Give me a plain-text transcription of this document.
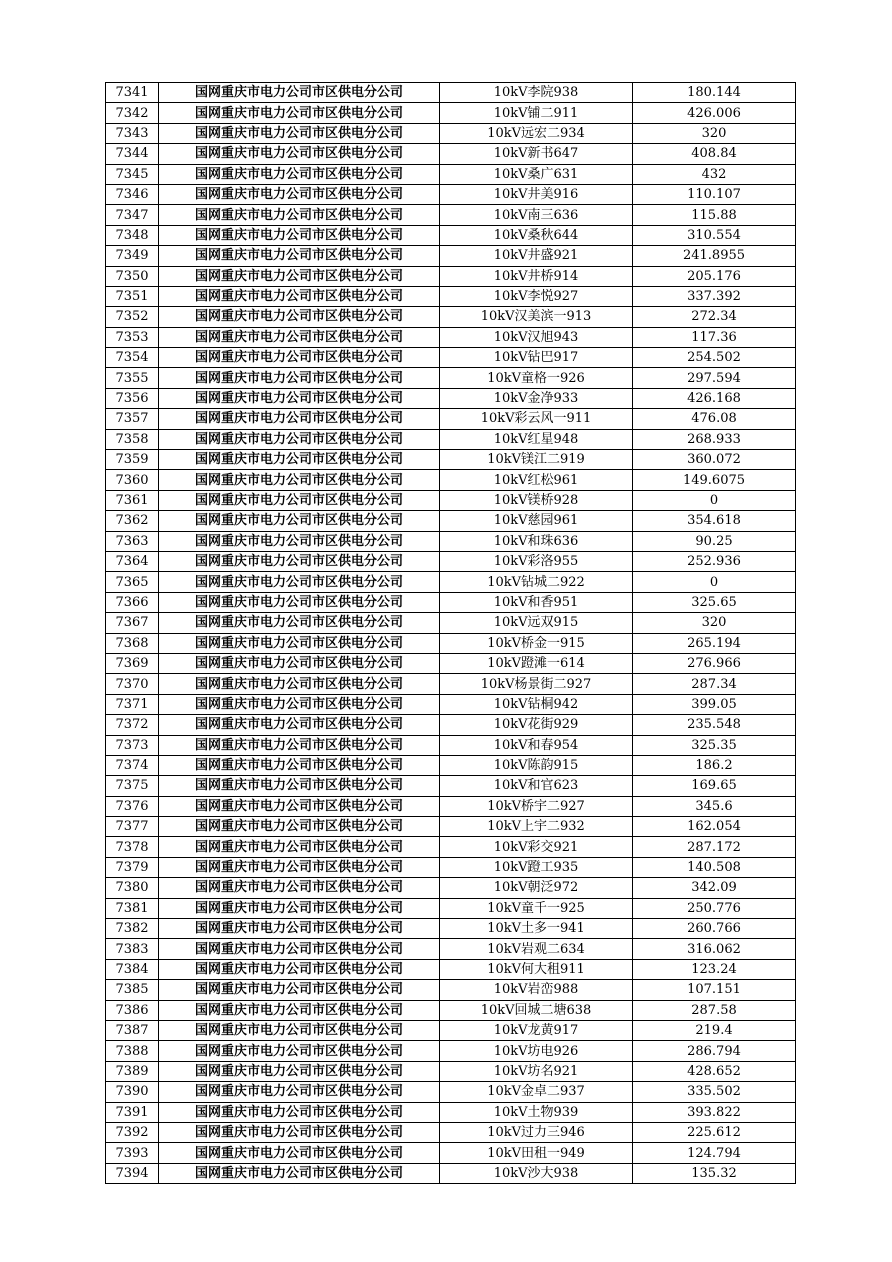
7341	国网重庆市电力公司市区供电分公司	10kV李院938	180.144
7342	国网重庆市电力公司市区供电分公司	10kV铺二911	426.006
7343	国网重庆市电力公司市区供电分公司	10kV远宏二934	320
7344	国网重庆市电力公司市区供电分公司	10kV新书647	408.84
7345	国网重庆市电力公司市区供电分公司	10kV桑广631	432
7346	国网重庆市电力公司市区供电分公司	10kV井美916	110.107
7347	国网重庆市电力公司市区供电分公司	10kV南三636	115.88
7348	国网重庆市电力公司市区供电分公司	10kV桑秋644	310.554
7349	国网重庆市电力公司市区供电分公司	10kV井盛921	241.8955
7350	国网重庆市电力公司市区供电分公司	10kV井桥914	205.176
7351	国网重庆市电力公司市区供电分公司	10kV李悦927	337.392
7352	国网重庆市电力公司市区供电分公司	10kV汉美滨一913	272.34
7353	国网重庆市电力公司市区供电分公司	10kV汉旭943	117.36
7354	国网重庆市电力公司市区供电分公司	10kV钻巴917	254.502
7355	国网重庆市电力公司市区供电分公司	10kV童格一926	297.594
7356	国网重庆市电力公司市区供电分公司	10kV金净933	426.168
7357	国网重庆市电力公司市区供电分公司	10kV彩云风一911	476.08
7358	国网重庆市电力公司市区供电分公司	10kV红星948	268.933
7359	国网重庆市电力公司市区供电分公司	10kV镁江二919	360.072
7360	国网重庆市电力公司市区供电分公司	10kV红松961	149.6075
7361	国网重庆市电力公司市区供电分公司	10kV镁桥928	0
7362	国网重庆市电力公司市区供电分公司	10kV慈园961	354.618
7363	国网重庆市电力公司市区供电分公司	10kV和珠636	90.25
7364	国网重庆市电力公司市区供电分公司	10kV彩洛955	252.936
7365	国网重庆市电力公司市区供电分公司	10kV钻城二922	0
7366	国网重庆市电力公司市区供电分公司	10kV和香951	325.65
7367	国网重庆市电力公司市区供电分公司	10kV远双915	320
7368	国网重庆市电力公司市区供电分公司	10kV桥金一915	265.194
7369	国网重庆市电力公司市区供电分公司	10kV蹬滩一614	276.966
7370	国网重庆市电力公司市区供电分公司	10kV杨景街二927	287.34
7371	国网重庆市电力公司市区供电分公司	10kV钻桐942	399.05
7372	国网重庆市电力公司市区供电分公司	10kV花街929	235.548
7373	国网重庆市电力公司市区供电分公司	10kV和春954	325.35
7374	国网重庆市电力公司市区供电分公司	10kV陈韵915	186.2
7375	国网重庆市电力公司市区供电分公司	10kV和官623	169.65
7376	国网重庆市电力公司市区供电分公司	10kV桥宇二927	345.6
7377	国网重庆市电力公司市区供电分公司	10kV上宇二932	162.054
7378	国网重庆市电力公司市区供电分公司	10kV彩交921	287.172
7379	国网重庆市电力公司市区供电分公司	10kV蹬工935	140.508
7380	国网重庆市电力公司市区供电分公司	10kV朝泛972	342.09
7381	国网重庆市电力公司市区供电分公司	10kV童千一925	250.776
7382	国网重庆市电力公司市区供电分公司	10kV土多一941	260.766
7383	国网重庆市电力公司市区供电分公司	10kV岩观二634	316.062
7384	国网重庆市电力公司市区供电分公司	10kV何大租911	123.24
7385	国网重庆市电力公司市区供电分公司	10kV岩峦988	107.151
7386	国网重庆市电力公司市区供电分公司	10kV回城二塘638	287.58
7387	国网重庆市电力公司市区供电分公司	10kV龙黄917	219.4
7388	国网重庆市电力公司市区供电分公司	10kV坊电926	286.794
7389	国网重庆市电力公司市区供电分公司	10kV坊名921	428.652
7390	国网重庆市电力公司市区供电分公司	10kV金卓二937	335.502
7391	国网重庆市电力公司市区供电分公司	10kV土物939	393.822
7392	国网重庆市电力公司市区供电分公司	10kV过力三946	225.612
7393	国网重庆市电力公司市区供电分公司	10kV田租一949	124.794
7394	国网重庆市电力公司市区供电分公司	10kV沙大938	135.32
